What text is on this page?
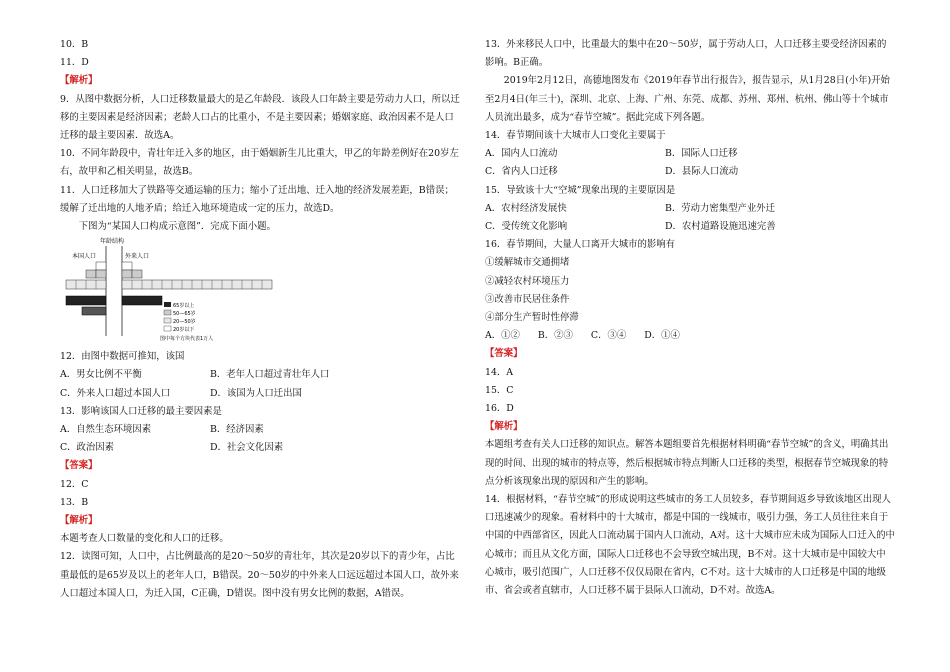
10．B

11．D

【解析】

9．从图中数据分析，人口迁移数量最大的是乙年龄段．该段人口年龄主要是劳动力人口，所以迁移的主要因素是经济因素；老龄人口占的比重小，不是主要因素；婚姻家庭、政治因素不是人口迁移的最主要因素．故选A。

10．不同年龄段中，青壮年迁入多的地区，由于婚姻新生儿比重大，甲乙的年龄差例好在20岁左右，故甲和乙相关明显，故选B。

11．人口迁移加大了铁路等交通运输的压力；缩小了迁出地、迁入地的经济发展差距，B错误；缓解了迁出地的人地矛盾；给迁入地环境造成一定的压力，故选D。

下图为“某国人口构成示意图”．完成下面小题。

年龄结构
本国人口	外来人口
65岁以上
50—65岁
20—50岁
20岁以下
图中每个方块代表1万人

12．由图中数据可推知，该国

A．男女比例不平衡	B．老年人口超过青壮年人口
C．外来人口超过本国人口	D．该国为人口迁出国

13．影响该国人口迁移的最主要因素是

A．自然生态环境因素	B．经济因素
C．政治因素	D．社会文化因素

【答案】

12．C

13．B

【解析】

本题考查人口数量的变化和人口的迁移。

12．读图可知，人口中，占比例最高的是20～50岁的青壮年，其次是20岁以下的青少年，占比重最低的是65岁及以上的老年人口，B错误。20～50岁的中外来人口远远超过本国人口，故外来人口超过本国人口，为迁入国，C正确，D错误。图中没有男女比例的数据，A错误。

13．外来移民人口中，比重最大的集中在20～50岁，属于劳动人口，人口迁移主要受经济因素的影响。B正确。

2019年2月12日，高德地图发布《2019年春节出行报告》，报告显示，从1月28日(小年)开始至2月4日(年三十)，深圳、北京、上海、广州、东莞、成都、苏州、郑州、杭州、佛山等十个城市人员流出最多，成为“春节空城”。据此完成下列各题。

14．春节期间该十大城市人口变化主要属于

A．国内人口流动	B．国际人口迁移
C．省内人口迁移	D．县际人口流动

15．导致该十大“空城”现象出现的主要原因是

A．农村经济发展快	B．劳动力密集型产业外迁
C．受传统文化影响	D．农村道路设施迅速完善

16．春节期间，大量人口离开大城市的影响有

①缓解城市交通拥堵

②减轻农村环境压力

③改善市民居住条件

④部分生产暂时性停滞

A．①② B．②③ C．③④ D．①④

【答案】

14．A

15．C

16．D

【解析】

本题组考查有关人口迁移的知识点。解答本题组要首先根据材料明确“春节空城”的含义，明确其出现的时间、出现的城市的特点等，然后根据城市特点判断人口迁移的类型，根据春节空城现象的特点分析该现象出现的原因和产生的影响。

14．根据材料，“春节空城”的形成说明这些城市的务工人员较多，春节期间返乡导致该地区出现人口迅速减少的现象。看材料中的十大城市，都是中国的一线城市，吸引力强，务工人员往往来自于中国的中西部省区，因此人口流动属于国内人口流动，A对。这十大城市应未成为国际人口迁入的中心城市；而且从文化方面，国际人口迁移也不会导致空城出现，B不对。这十大城市是中国较大中心城市，吸引范围广，人口迁移不仅仅局限在省内，C不对。这十大城市的人口迁移是中国的地级市、省会或者直辖市，人口迁移不属于县际人口流动，D不对。故选A。
